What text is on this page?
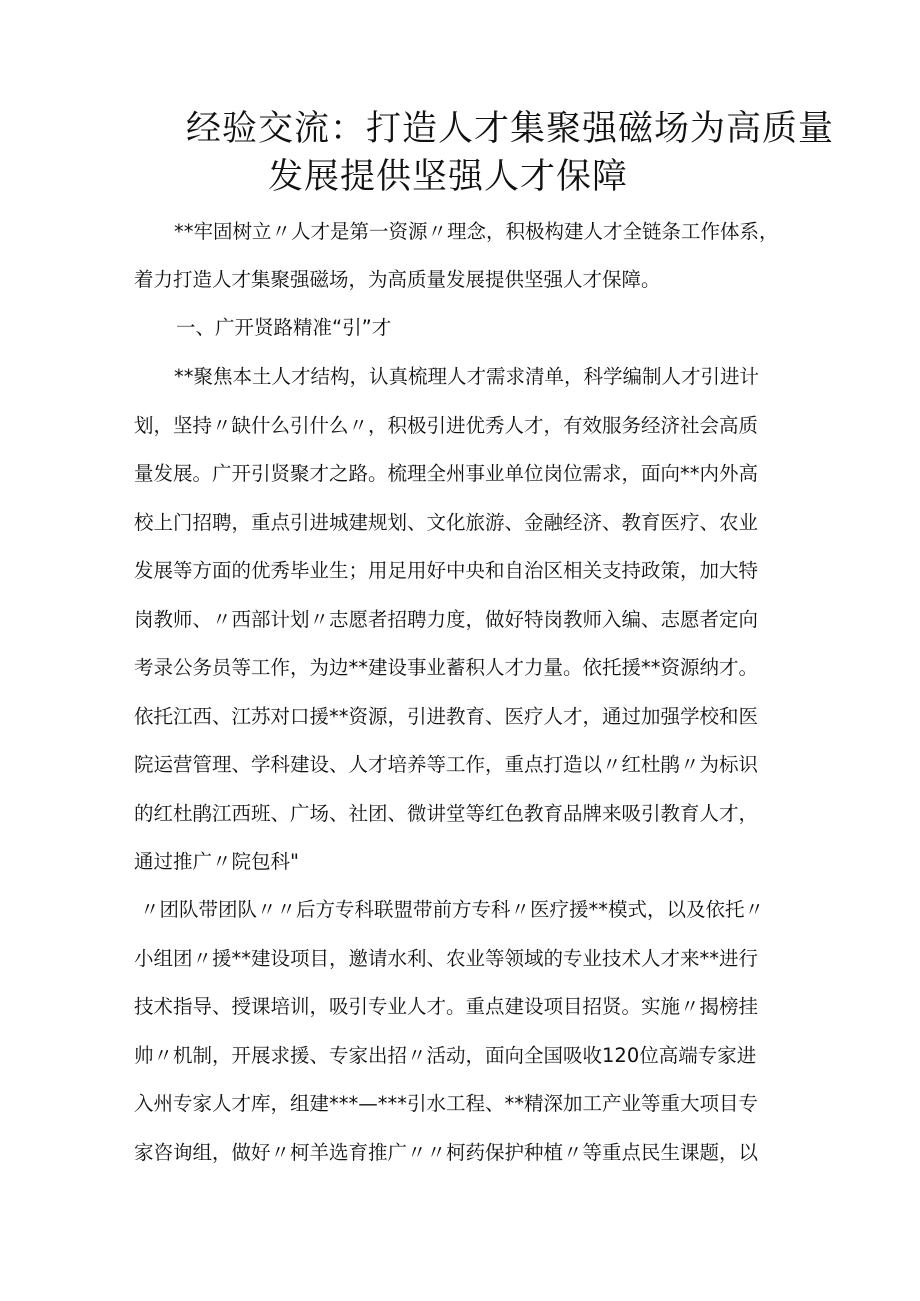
经验交流：打造人才集聚强磁场为高质量
发展提供坚强人才保障

**牢固树立〃人才是第一资源〃理念，积极构建人才全链条工作体系，

着力打造人才集聚强磁场，为高质量发展提供坚强人才保障。

一、广开贤路精准“引”才

**聚焦本土人才结构，认真梳理人才需求清单，科学编制人才引进计

划，坚持〃缺什么引什么〃，积极引进优秀人才，有效服务经济社会高质

量发展。广开引贤聚才之路。梳理全州事业单位岗位需求，面向**内外高

校上门招聘，重点引进城建规划、文化旅游、金融经济、教育医疗、农业

发展等方面的优秀毕业生；用足用好中央和自治区相关支持政策，加大特

岗教师、〃西部计划〃志愿者招聘力度，做好特岗教师入编、志愿者定向

考录公务员等工作，为边**建设事业蓄积人才力量。依托援**资源纳才。

依托江西、江苏对口援**资源，引进教育、医疗人才，通过加强学校和医

院运营管理、学科建设、人才培养等工作，重点打造以〃红杜鹃〃为标识

的红杜鹃江西班、广场、社团、微讲堂等红色教育品牌来吸引教育人才，

通过推广〃院包科"

〃团队带团队〃〃后方专科联盟带前方专科〃医疗援**模式，以及依托〃

小组团〃援**建设项目，邀请水利、农业等领域的专业技术人才来**进行

技术指导、授课培训，吸引专业人才。重点建设项目招贤。实施〃揭榜挂

帅〃机制，开展求援、专家出招〃活动，面向全国吸收120位高端专家进

入州专家人才库，组建***—***引水工程、**精深加工产业等重大项目专

家咨询组，做好〃柯羊选育推广〃〃柯药保护种植〃等重点民生课题，以
